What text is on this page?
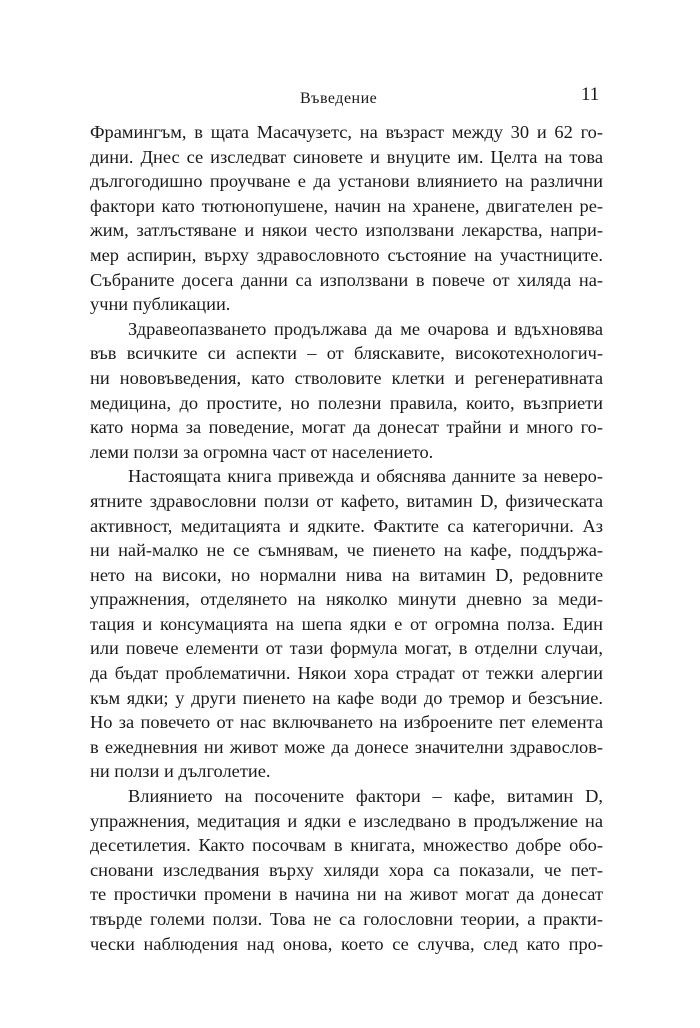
Въведение	11
Фрамингъм, в щата Масачузетс, на възраст между 30 и 62 го-
дини. Днес се изследват синовете и внуците им. Целта на това
дългогодишно проучване е да установи влиянието на различни
фактори като тютюнопушене, начин на хранене, двигателен ре-
жим, затлъстяване и някои често използвани лекарства, напри-
мер аспирин, върху здравословното състояние на участниците.
Събраните досега данни са използвани в повече от хиляда на-
учни публикации.
Здравеопазването продължава да ме очарова и вдъхновява
във всичките си аспекти – от бляскавите, високотехнологич-
ни нововъведения, като стволовите клетки и регенеративната
медицина, до простите, но полезни правила, които, възприети
като норма за поведение, могат да донесат трайни и много го-
леми ползи за огромна част от населението.
Настоящата книга привежда и обяснява данните за неверо-
ятните здравословни ползи от кафето, витамин D, физическата
активност, медитацията и ядките. Фактите са категорични. Аз
ни най-малко не се съмнявам, че пиенето на кафе, поддържа-
нето на високи, но нормални нива на витамин D, редовните
упражнения, отделянето на няколко минути дневно за меди-
тация и консумацията на шепа ядки е от огромна полза. Един
или повече елементи от тази формула могат, в отделни случаи,
да бъдат проблематични. Някои хора страдат от тежки алергии
към ядки; у други пиенето на кафе води до тремор и безсъние.
Но за повечето от нас включването на изброените пет елемента
в ежедневния ни живот може да донесе значителни здравослов-
ни ползи и дълголетие.
Влиянието на посочените фактори – кафе, витамин D,
упражнения, медитация и ядки е изследвано в продължение на
десетилетия. Както посочвам в книгата, множество добре обо-
сновани изследвания върху хиляди хора са показали, че пет-
те простички промени в начина ни на живот могат да донесат
твърде големи ползи. Това не са голословни теории, а практи-
чески наблюдения над онова, което се случва, след като про-
